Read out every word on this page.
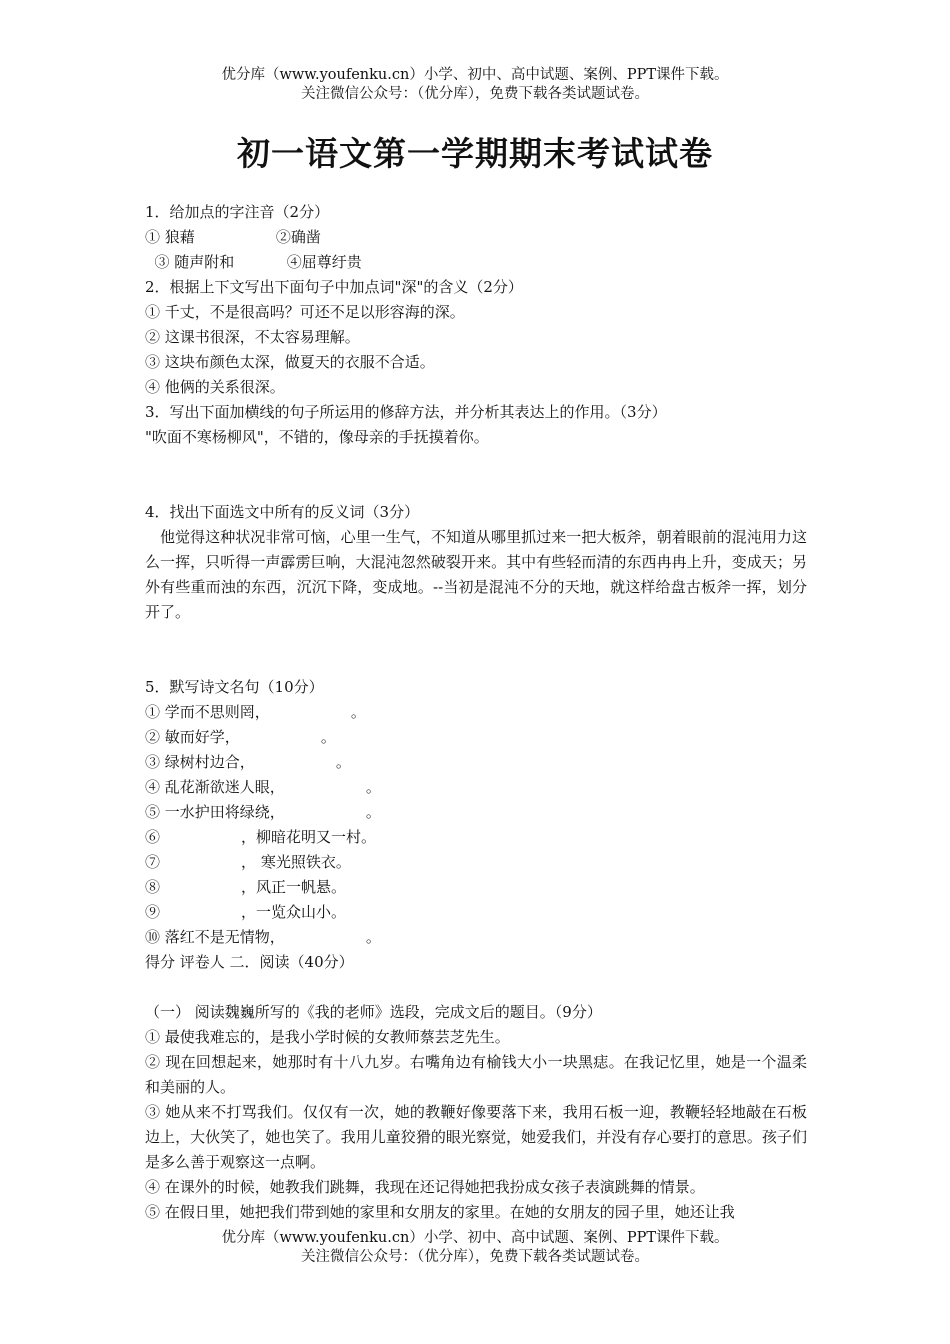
优分库（www.youfenku.cn）小学、初中、高中试题、案例、PPT课件下载。
关注微信公众号：（优分库），免费下载各类试题试卷。
初一语文第一学期期末考试试卷

1．给加点的字注音（2分）

① 狼藉                 ②确凿

③ 随声附和           ④屈尊纡贵

2．根据上下文写出下面句子中加点词"深"的含义（2分）

① 千丈，不是很高吗？可还不足以形容海的深。

② 这课书很深，不太容易理解。

③ 这块布颜色太深，做夏天的衣服不合适。

④ 他俩的关系很深。

3．写出下面加横线的句子所运用的修辞方法，并分析其表达上的作用。（3分）

"吹面不寒杨柳风"，不错的，像母亲的手抚摸着你。

4．找出下面选文中所有的反义词（3分）

他觉得这种状况非常可恼，心里一生气，不知道从哪里抓过来一把大板斧，朝着眼前的混沌用力这么一挥，只听得一声霹雳巨响，大混沌忽然破裂开来。其中有些轻而清的东西冉冉上升，变成天；另外有些重而浊的东西，沉沉下降，变成地。--当初是混沌不分的天地，就这样给盘古板斧一挥，划分开了。

5．默写诗文名句（10分）

① 学而不思则罔，                 。

② 敏而好学，                 。

③ 绿树村边合，                 。

④ 乱花渐欲迷人眼，                 。

⑤ 一水护田将绿绕，                 。

⑥                 ，柳暗花明又一村。

⑦                 ， 寒光照铁衣。

⑧                 ，风正一帆悬。

⑨                 ，一览众山小。

⑩ 落红不是无情物，                 。

得分 评卷人 二．阅读（40分）

（一） 阅读魏巍所写的《我的老师》选段，完成文后的题目。（9分）

① 最使我难忘的，是我小学时候的女教师蔡芸芝先生。

② 现在回想起来，她那时有十八九岁。右嘴角边有榆钱大小一块黑痣。在我记忆里，她是一个温柔和美丽的人。

③ 她从来不打骂我们。仅仅有一次，她的教鞭好像要落下来，我用石板一迎，教鞭轻轻地敲在石板边上，大伙笑了，她也笑了。我用儿童狡猾的眼光察觉，她爱我们，并没有存心要打的意思。孩子们是多么善于观察这一点啊。

④ 在课外的时候，她教我们跳舞，我现在还记得她把我扮成女孩子表演跳舞的情景。

⑤ 在假日里，她把我们带到她的家里和女朋友的家里。在她的女朋友的园子里，她还让我

优分库（www.youfenku.cn）小学、初中、高中试题、案例、PPT课件下载。
关注微信公众号：（优分库），免费下载各类试题试卷。
